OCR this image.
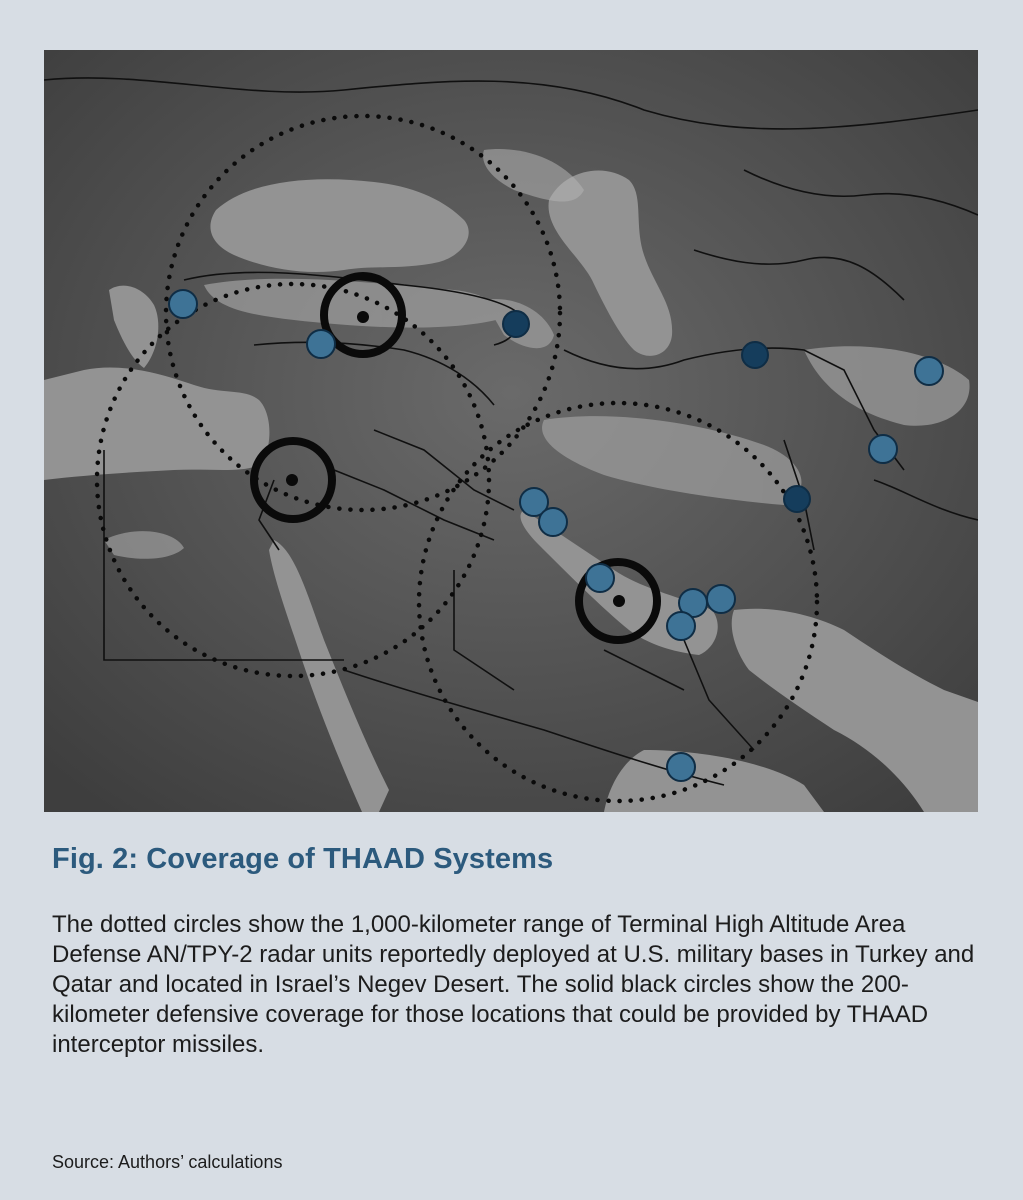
Fig. 2: Coverage of THAAD Systems

The dotted circles show the 1,000-kilometer range of Terminal High Altitude Area Defense AN/TPY-2 radar units reportedly deployed at U.S. military bases in Turkey and Qatar and located in Israel’s Negev Desert. The solid black circles show the 200-kilometer defensive coverage for those locations that could be provided by THAAD interceptor missiles.

Source: Authors’ calculations
